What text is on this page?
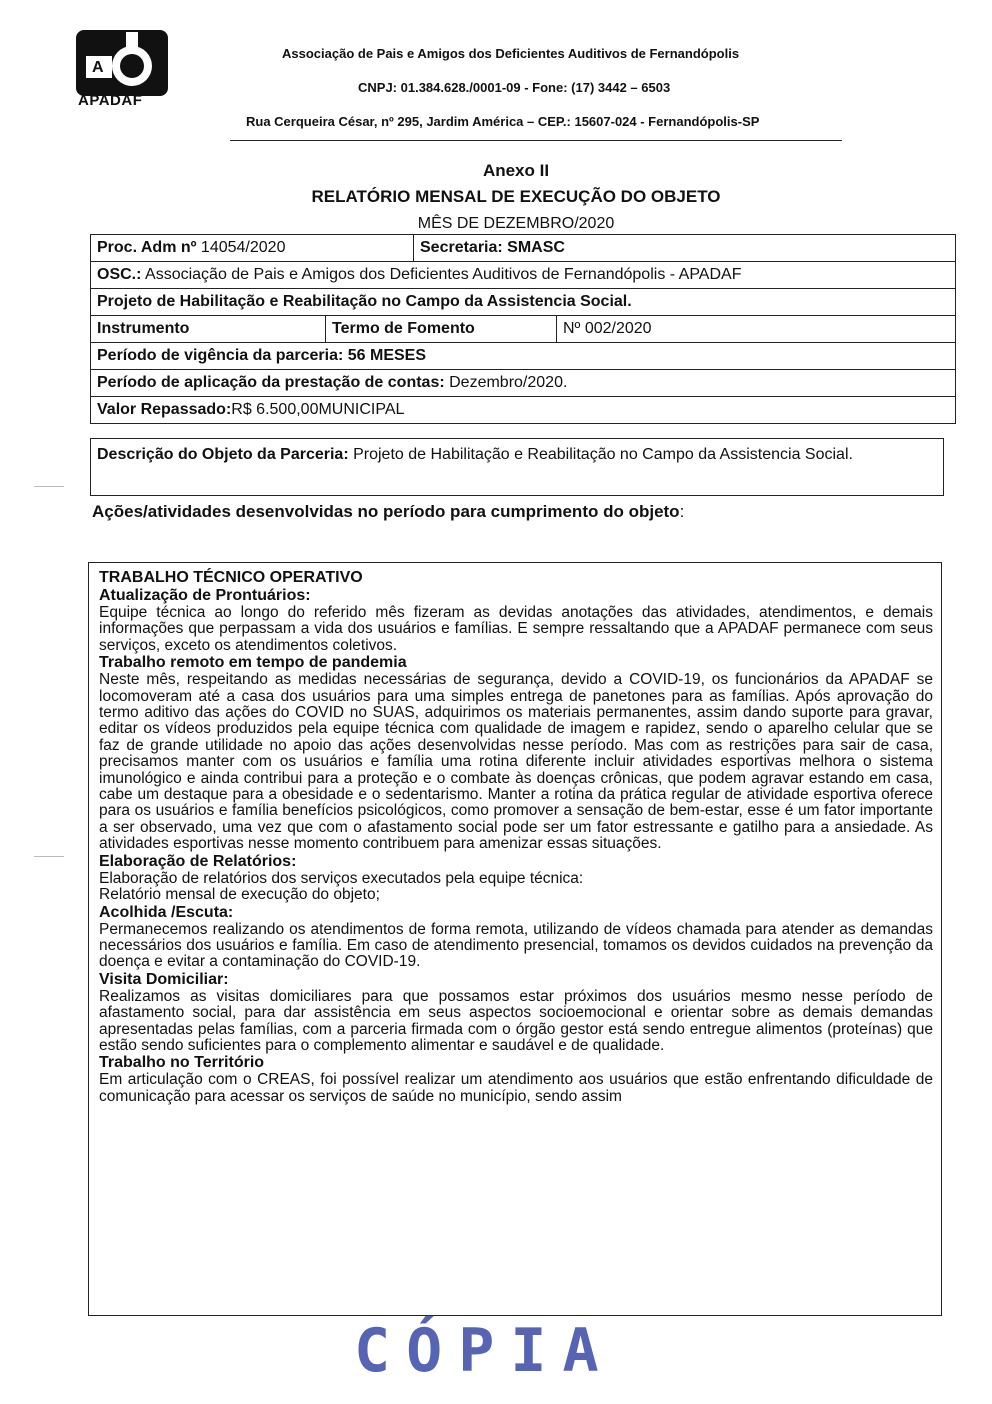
A
APADAF
Associação de Pais e Amigos dos Deficientes Auditivos de Fernandópolis
CNPJ: 01.384.628./0001-09 - Fone: (17) 3442 – 6503
Rua Cerqueira César, nº 295, Jardim América – CEP.: 15607-024 - Fernandópolis-SP
Anexo II
RELATÓRIO MENSAL DE EXECUÇÃO DO OBJETO
MÊS DE DEZEMBRO/2020
Proc. Adm nº 14054/2020	Secretaria: SMASC
OSC.: Associação de Pais e Amigos dos Deficientes Auditivos de Fernandópolis - APADAF
Projeto de Habilitação e Reabilitação no Campo da Assistencia Social.
Instrumento	Termo de Fomento	Nº 002/2020
Período de vigência da parceria: 56 MESES
Período de aplicação da prestação de contas: Dezembro/2020.
Valor Repassado:R$ 6.500,00MUNICIPAL
Descrição do Objeto da Parceria: Projeto de Habilitação e Reabilitação no Campo da Assistencia Social.
Ações/atividades desenvolvidas no período para cumprimento do objeto:
TRABALHO TÉCNICO OPERATIVO
Atualização de Prontuários:

Equipe técnica ao longo do referido mês fizeram as devidas anotações das atividades, atendimentos, e demais informações que perpassam a vida dos usuários e famílias. E sempre ressaltando que a APADAF permanece com seus serviços, exceto os atendimentos coletivos.

Trabalho remoto em tempo de pandemia

Neste mês, respeitando as medidas necessárias de segurança, devido a COVID-19, os funcionários da APADAF se locomoveram até a casa dos usuários para uma simples entrega de panetones para as famílias. Após aprovação do termo aditivo das ações do COVID no SUAS, adquirimos os materiais permanentes, assim dando suporte para gravar, editar os vídeos produzidos pela equipe técnica com qualidade de imagem e rapidez, sendo o aparelho celular que se faz de grande utilidade no apoio das ações desenvolvidas nesse período. Mas com as restrições para sair de casa, precisamos manter com os usuários e família uma rotina diferente incluir atividades esportivas melhora o sistema imunológico e ainda contribui para a proteção e o combate às doenças crônicas, que podem agravar estando em casa, cabe um destaque para a obesidade e o sedentarismo. Manter a rotina da prática regular de atividade esportiva oferece para os usuários e família benefícios psicológicos, como promover a sensação de bem-estar, esse é um fator importante a ser observado, uma vez que com o afastamento social pode ser um fator estressante e gatilho para a ansiedade. As atividades esportivas nesse momento contribuem para amenizar essas situações.

Elaboração de Relatórios:

Elaboração de relatórios dos serviços executados pela equipe técnica:

Relatório mensal de execução do objeto;

Acolhida /Escuta:

Permanecemos realizando os atendimentos de forma remota, utilizando de vídeos chamada para atender as demandas necessários dos usuários e família. Em caso de atendimento presencial, tomamos os devidos cuidados na prevenção da doença e evitar a contaminação do COVID-19.

Visita Domiciliar:

Realizamos as visitas domiciliares para que possamos estar próximos dos usuários mesmo nesse período de afastamento social, para dar assistência em seus aspectos socioemocional e orientar sobre as demais demandas apresentadas pelas famílias, com a parceria firmada com o órgão gestor está sendo entregue alimentos (proteínas) que estão sendo suficientes para o complemento alimentar e saudável e de qualidade.

Trabalho no Território

Em articulação com o CREAS, foi possível realizar um atendimento aos usuários que estão enfrentando dificuldade de comunicação para acessar os serviços de saúde no município, sendo assim

CÓPIA
